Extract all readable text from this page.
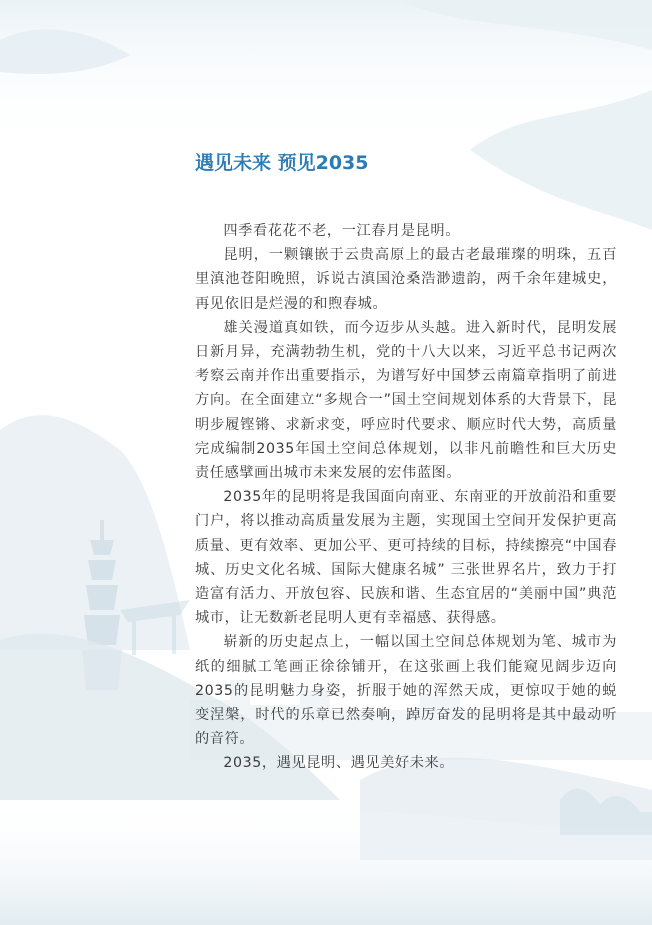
遇见未来 预见2035

四季看花花不老，一江春月是昆明。

昆明，一颗镶嵌于云贵高原上的最古老最璀璨的明珠，五百里滇池苍阳晚照，诉说古滇国沧桑浩渺遗韵，两千余年建城史，再见依旧是烂漫的和煦春城。

雄关漫道真如铁，而今迈步从头越。进入新时代，昆明发展日新月异，充满勃勃生机，党的十八大以来，习近平总书记两次考察云南并作出重要指示，为谱写好中国梦云南篇章指明了前进方向。在全面建立“多规合一”国土空间规划体系的大背景下，昆明步履铿锵、求新求变，呼应时代要求、顺应时代大势，高质量完成编制2035年国土空间总体规划，以非凡前瞻性和巨大历史责任感擘画出城市未来发展的宏伟蓝图。

2035年的昆明将是我国面向南亚、东南亚的开放前沿和重要门户，将以推动高质量发展为主题，实现国土空间开发保护更高质量、更有效率、更加公平、更可持续的目标，持续擦亮“中国春城、历史文化名城、国际大健康名城” 三张世界名片，致力于打造富有活力、开放包容、民族和谐、生态宜居的“美丽中国”典范城市，让无数新老昆明人更有幸福感、获得感。

崭新的历史起点上，一幅以国土空间总体规划为笔、城市为纸的细腻工笔画正徐徐铺开，在这张画上我们能窥见阔步迈向2035的昆明魅力身姿，折服于她的浑然天成，更惊叹于她的蜕变涅槃，时代的乐章已然奏响，踔厉奋发的昆明将是其中最动听的音符。

2035，遇见昆明、遇见美好未来。
